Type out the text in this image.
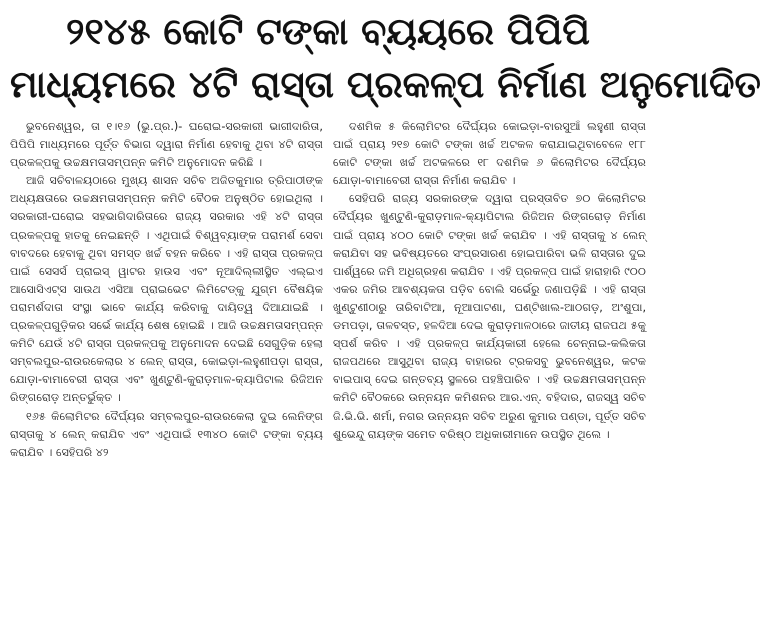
୨୧୪୫ କୋଟି ଟଙ୍କା ବ୍ୟୟରେ ପିପିପି
ମାଧ୍ୟମରେ ୪ଟି ରାସ୍ତା ପ୍ରକଳ୍ପ ନିର୍ମାଣ ଅନୁମୋଦିତ

ଭୁବନେଶ୍ୱର, ତା ୧।୧୬ (ଭୁ.ପ୍ର.)- ଘରୋଇ-ସରକାରୀ ଭାଗୀଦାରିତା, ପିପିପି ମାଧ୍ୟମରେ ପୂର୍ତ୍ତ ବିଭାଗ ଦ୍ୱାରା ନିର୍ମାଣ ହେବାକୁ ଥିବା ୪ଟି ରାସ୍ତା ପ୍ରକଳ୍ପକୁ ଉଚ୍ଚକ୍ଷମତାସମ୍ପନ୍ନ କମିଟି ଅନୁମୋଦନ କରିଛି ।

ଆଜି ସଚିବାଳୟଠାରେ ମୁଖ୍ୟ ଶାସନ ସଚିବ ଅଜିତକୁମାର ତ୍ରିପାଠୀଙ୍କ ଅଧ୍ୟକ୍ଷତାରେ ଉଚ୍ଚକ୍ଷମତାସମ୍ପନ୍ନ କମିଟି ବୈଠକ ଅନୁଷ୍ଠିତ ହୋଇଥିଲା । ସରକାରୀ-ଘରୋଇ ସହଭାଗିଦାରିତାରେ ରାଜ୍ୟ ସରକାର ଏହି ୪ଟି ରାସ୍ତା ପ୍ରକଳ୍ପକୁ ହାତକୁ ନେଇଛନ୍ତି । ଏଥିପାଇଁ ବିଶ୍ୱବ୍ୟାଙ୍କ ପରାମର୍ଶ ସେବା ବାବଦରେ ହେବାକୁ ଥିବା ସମସ୍ତ ଖର୍ଚ୍ଚ ବହନ କରିବେ । ଏହି ରାସ୍ତା ପ୍ରକଳ୍ପ ପାଇଁ ସେସର୍ସ ପ୍ରାଇସ୍ ୱାଟର ହାଉସ ଏବଂ ନୂଆଦିଲ୍ଲୀସ୍ଥିତ ଏଲ୍ଇଏ ଆସୋସିଏଟ୍ସ ସାଉଥ ଏସିଆ ପ୍ରାଇଭେଟ ଲିମିଟେଡ୍‌କୁ ଯୁଗ୍ମ ବୈଷୟିକ ପରାମର୍ଶଦାତା ସଂସ୍ଥା ଭାବେ କାର୍ଯ୍ୟ କରିବାକୁ ଦାୟିତ୍ୱ ଦିଆଯାଇଛି । ପ୍ରକଳ୍ପଗୁଡ଼ିକର ସର୍ଭେ କାର୍ଯ୍ୟ ଶେଷ ହୋଇଛି । ଆଜି ଉଚ୍ଚକ୍ଷମତାସମ୍ପନ୍ନ କମିଟି ଯେଉଁ ୪ଟି ରାସ୍ତା ପ୍ରକଳ୍ପକୁ ଅନୁମୋଦନ ଦେଇଛି ସେଗୁଡ଼ିକ ହେଲା ସମ୍ବଲପୁର-ରାଉରକେଲାର ୪ ଲେନ୍ ରାସ୍ତା, କୋଇଡ଼ା-ଲହୁଣୀପଡ଼ା ରାସ୍ତା, ଯୋଡ଼ା-ବାମାବେରୀ ରାସ୍ତା ଏବଂ ଖୁଣ୍ଟୁଣି-କୁରାଡ଼ମାଳ-କ୍ୟାପିଟାଲ ରିଜିଅନ ରିଙ୍ଗରୋଡ଼ ଅନ୍ତର୍ଭୁକ୍ତ ।

୧୬୫ କିଲୋମିଟର ଦୈର୍ଘ୍ୟର ସମ୍ବଲପୁର-ରାଉରକେଲା ଦୁଇ ଲେନିଙ୍ଗ ରାସ୍ତାକୁ ୪ ଲେନ୍ କରାଯିବ ଏବଂ ଏଥିପାଇଁ ୧୩୪୦ କୋଟି ଟଙ୍କା ବ୍ୟୟ କରାଯିବ । ସେହିପରି ୪୨

ଦଶମିକ ୫ କିଲୋମିଟର ଦୈର୍ଘ୍ୟର କୋଇଡ଼ା-ବାରସୁଆଁ ଲହୁଣୀ ରାସ୍ତା ପାଇଁ ପ୍ରାୟ ୨୧୭ କୋଟି ଟଙ୍କା ଖର୍ଚ୍ଚ ଅଟକଳ କରାଯାଇଥିବାବେଳେ ୧୮୮ କୋଟି ଟଙ୍କା ଖର୍ଚ୍ଚ ଅଟକଳରେ ୧୮ ଦଶମିକ ୬ କିଲୋମିଟର ଦୈର୍ଘ୍ୟର ଯୋଡ଼ା-ବାମାବେରୀ ରାସ୍ତା ନିର୍ମାଣ କରାଯିବ ।

ସେହିପରି ରାଜ୍ୟ ସରକାରଙ୍କ ଦ୍ୱାରା ପ୍ରସ୍ତାବିତ ୭୦ କିଲୋମିଟର ଦୈର୍ଘ୍ୟର ଖୁଣ୍ଟୁଣି-କୁରାଡ଼ମାଳ-କ୍ୟାପିଟାଲ ରିଜିଅନ ରିଙ୍ଗରୋଡ଼ ନିର୍ମାଣ ପାଇଁ ପ୍ରାୟ ୪୦୦ କୋଟି ଟଙ୍କା ଖର୍ଚ୍ଚ କରାଯିବ । ଏହି ରାସ୍ତାକୁ ୪ ଲେନ୍ କରାଯିବା ସହ ଭବିଷ୍ୟତରେ ସଂପ୍ରସାରଣ ହୋଇପାରିବା ଭଳି ରାସ୍ତାର ଦୁଇ ପାର୍ଶ୍ୱରେ ଜମି ଅଧିଗ୍ରହଣ କରାଯିବ । ଏହି ପ୍ରକଳ୍ପ ପାଇଁ ହାରାହାରି ୯୦୦ ଏକର ଜମିର ଆବଶ୍ୟକତା ପଡ଼ିବ ବୋଲି ସର୍ଭେରୁ ଜଣାପଡ଼ିଛି । ଏହି ରାସ୍ତା ଖୁଣ୍ଟୁଣୀଠାରୁ ତାରିବାଟିଆ, ନୂଆପାଟଣା, ଘଣ୍ଟିଖାଲ-ଆଠଗଡ଼, ଅଂଶୁପା, ଡମପଡ଼ା, ତାଳବସ୍ତ, ହଳଦିଆ ଦେଇ କୁରାଡ଼ମାଳଠାରେ ଜାତୀୟ ରାଜପଥ ୫କୁ ସ୍ପର୍ଶ କରିବ । ଏହି ପ୍ରକଳ୍ପ କାର୍ଯ୍ୟକାରୀ ହେଲେ ଚେନ୍ନାଇ-କଲିକତା ରାଜପଥରେ ଆସୁଥିବା ରାଜ୍ୟ ବାହାରର ଟ୍ରକସବୁ ଭୁବନେଶ୍ୱର, କଟକ ବାଇପାସ୍ ଦେଇ ଗନ୍ତବ୍ୟ ସ୍ଥଳରେ ପହଞ୍ଚିପାରିବ । ଏହି ଉଚ୍ଚକ୍ଷମତାସମ୍ପନ୍ନ କମିଟି ବୈଠକରେ ଉନ୍ନୟନ କମିଶନର ଆର.ଏନ୍. ବହିଦାର, ରାଜସ୍ୱ ସଚିବ ଜି.ଭି.ଭି. ଶର୍ମା, ନଗର ଉନ୍ନୟନ ସଚିବ ଅରୁଣ କୁମାର ପଣ୍ଡା, ପୂର୍ତ୍ତ ସଚିବ ଶୁଭେନ୍ଦୁ ରାୟଙ୍କ ସମେତ ବରିଷ୍ଠ ଅଧିକାରୀମାନେ ଉପସ୍ଥିତ ଥିଲେ ।
